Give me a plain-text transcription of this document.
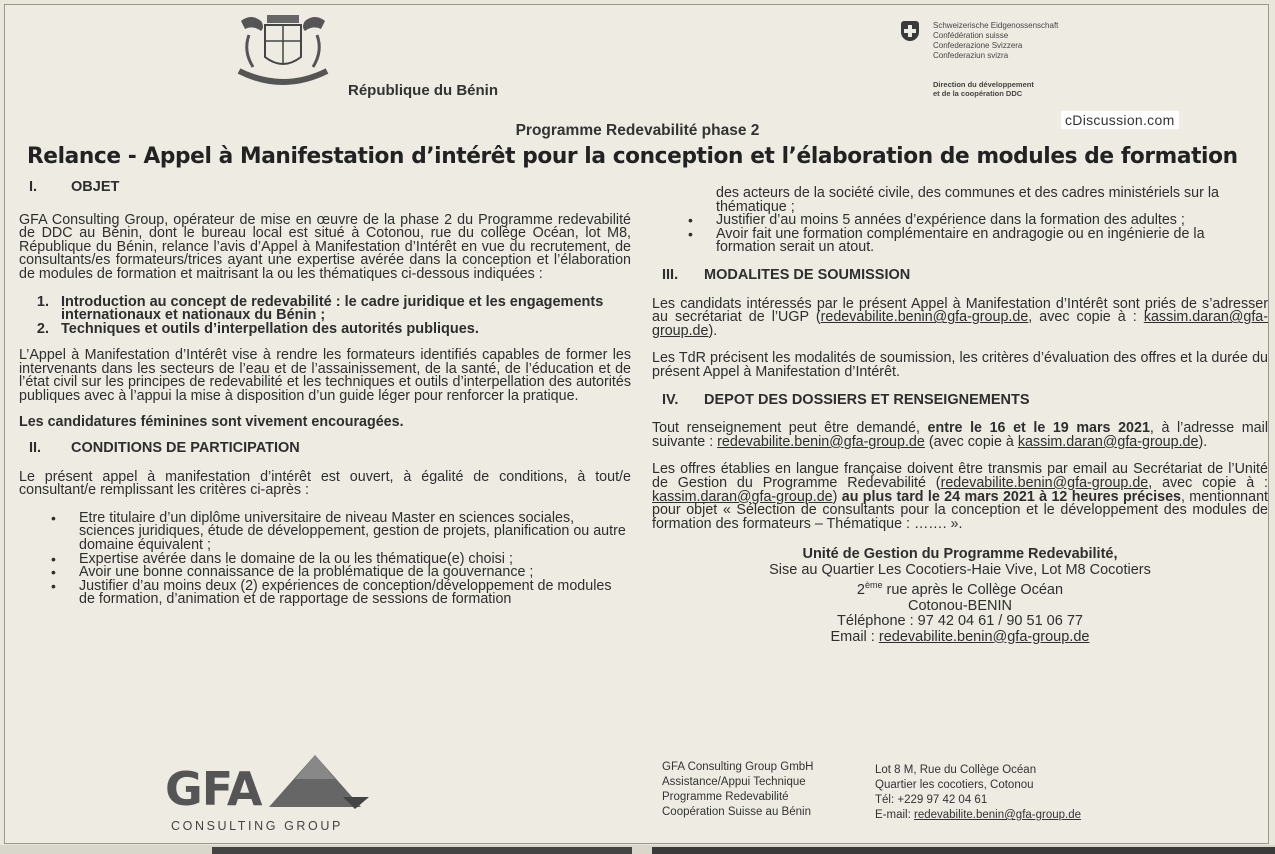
République du Bénin
Schweizerische Eidgenossenschaft
Confédération suisse
Confederazione Svizzera
Confederaziun svizra
Direction du développement
et de la coopération DDC
cDiscussion.com
Programme Redevabilité phase 2
Relance - Appel à Manifestation d’intérêt pour la conception et l’élaboration de modules de formation
I.	OBJET

GFA Consulting Group, opérateur de mise en œuvre de la phase 2 du Programme redevabilité de DDC au Bénin, dont le bureau local est situé à Cotonou, rue du collège Océan, lot M8, République du Bénin, relance l’avis d’Appel à Manifestation d’Intérêt en vue du recrutement, de consultants/es formateurs/trices ayant une expertise avérée dans la conception et l’élaboration de modules de formation et maitrisant la ou les thématiques ci-dessous indiquées :

1. Introduction au concept de redevabilité : le cadre juridique et les engagements internationaux et nationaux du Bénin ;
2. Techniques et outils d’interpellation des autorités publiques.

L’Appel à Manifestation d’Intérêt vise à rendre les formateurs identifiés capables de former les intervenants dans les secteurs de l’eau et de l’assainissement, de la santé, de l’éducation et de l’état civil sur les principes de redevabilité et les techniques et outils d’interpellation des autorités publiques avec à l’appui la mise à disposition d’un guide léger pour renforcer la pratique.

Les candidatures féminines sont vivement encouragées.

II.	CONDITIONS DE PARTICIPATION

Le présent appel à manifestation d’intérêt est ouvert, à égalité de conditions, à tout/e consultant/e remplissant les critères ci-après :

• Etre titulaire d’un diplôme universitaire de niveau Master en sciences sociales, sciences juridiques, étude de développement, gestion de projets, planification ou autre domaine équivalent ;
• Expertise avérée dans le domaine de la ou les thématique(e) choisi ;
• Avoir une bonne connaissance de la problématique de la gouvernance ;
• Justifier d’au moins deux (2) expériences de conception/développement de modules de formation, d’animation et de rapportage de sessions de formation
des acteurs de la société civile, des communes et des cadres ministériels sur la thématique ;
• Justifier d’au moins 5 années d’expérience dans la formation des adultes ;
• Avoir fait une formation complémentaire en andragogie ou en ingénierie de la formation serait un atout.
III. MODALITES DE SOUMISSION

Les candidats intéressés par le présent Appel à Manifestation d’Intérêt sont priés de s’adresser au secrétariat de l’UGP (redevabilite.benin@gfa-group.de, avec copie à : kassim.daran@gfa-group.de).

Les TdR précisent les modalités de soumission, les critères d’évaluation des offres et la durée du présent Appel à Manifestation d’Intérêt.

IV. DEPOT DES DOSSIERS ET RENSEIGNEMENTS

Tout renseignement peut être demandé, entre le 16 et le 19 mars 2021, à l’adresse mail suivante : redevabilite.benin@gfa-group.de (avec copie à kassim.daran@gfa-group.de).

Les offres établies en langue française doivent être transmis par email au Secrétariat de l’Unité de Gestion du Programme Redevabilité (redevabilite.benin@gfa-group.de, avec copie à : kassim.daran@gfa-group.de) au plus tard le 24 mars 2021 à 12 heures précises, mentionnant pour objet « Sélection de consultants pour la conception et le développement des modules de formation des formateurs – Thématique : ……. ».

Unité de Gestion du Programme Redevabilité,
Sise au Quartier Les Cocotiers-Haie Vive, Lot M8 Cocotiers
2ème rue après le Collège Océan
Cotonou-BENIN
Téléphone : 97 42 04 61 / 90 51 06 77
Email : redevabilite.benin@gfa-group.de
GFA
CONSULTING GROUP
GFA Consulting Group GmbH
Assistance/Appui Technique
Programme Redevabilité
Coopération Suisse au Bénin
Lot 8 M, Rue du Collège Océan
Quartier les cocotiers, Cotonou
Tél: +229 97 42 04 61
E-mail: redevabilite.benin@gfa-group.de
